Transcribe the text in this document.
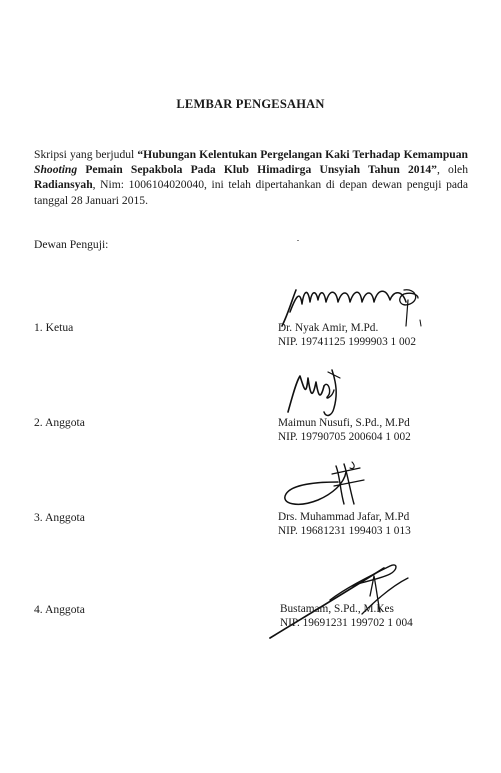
LEMBAR PENGESAHAN
Skripsi yang berjudul “Hubungan Kelentukan Pergelangan Kaki Terhadap Kemampuan Shooting Pemain Sepakbola Pada Klub Himadirga Unsyiah Tahun 2014”, oleh Radiansyah, Nim: 1006104020040, ini telah dipertahankan di depan dewan penguji pada tanggal 28 Januari 2015.
Dewan Penguji:
1. Ketua	Dr. Nyak Amir, M.Pd.
NIP. 19741125 1999903 1 002
2. Anggota	Maimun Nusufi, S.Pd., M.Pd
NIP. 19790705 200604 1 002
3. Anggota	Drs. Muhammad Jafar, M.Pd
NIP. 19681231 199403 1 013
4. Anggota	Bustamam, S.Pd., M.Kes
NIP. 19691231 199702 1 004
